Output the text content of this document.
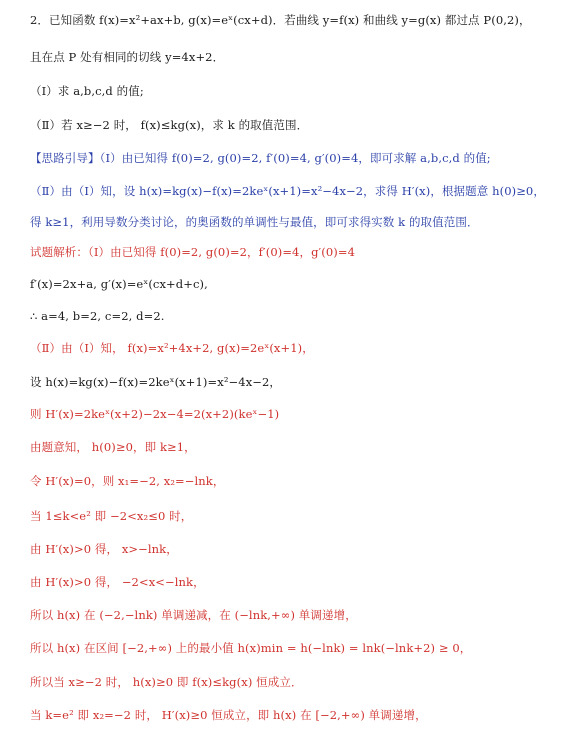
2．已知函数 f(x)=x²+ax+b, g(x)=eˣ(cx+d)．若曲线 y=f(x) 和曲线 y=g(x) 都过点 P(0,2)，
且在点 P 处有相同的切线 y=4x+2．
（Ⅰ）求 a,b,c,d 的值;
（Ⅱ）若 x≥−2 时， f(x)≤kg(x)，求 k 的取值范围．
【思路引导】（Ⅰ）由已知得 f(0)=2, g(0)=2, f′(0)=4, g′(0)=4，即可求解 a,b,c,d 的值;
（Ⅱ）由（Ⅰ）知，设 h(x)=kg(x)−f(x)=2keˣ(x+1)=x²−4x−2，求得 H′(x)，根据题意 h(0)≥0，
得 k≥1，利用导数分类讨论，的奥函数的单调性与最值，即可求得实数 k 的取值范围．
试题解析：（Ⅰ）由已知得 f(0)=2, g(0)=2，f′(0)=4，g′(0)=4
f′(x)=2x+a, g′(x)=eˣ(cx+d+c),
∴ a=4, b=2, c=2, d=2.
（Ⅱ）由（Ⅰ）知， f(x)=x²+4x+2, g(x)=2eˣ(x+1)，
设 h(x)=kg(x)−f(x)=2keˣ(x+1)=x²−4x−2，
则 H′(x)=2keˣ(x+2)−2x−4=2(x+2)(keˣ−1)
由题意知， h(0)≥0，即 k≥1，
令 H′(x)=0，则 x₁=−2, x₂=−lnk，
当 1≤k<e² 即 −2<x₂≤0 时，
由 H′(x)>0 得， x>−lnk，
由 H′(x)>0 得， −2<x<−lnk，
所以 h(x) 在 (−2,−lnk) 单调递减，在 (−lnk,+∞) 单调递增，
所以 h(x) 在区间 [−2,+∞) 上的最小值 h(x)min = h(−lnk) = lnk(−lnk+2) ≥ 0，
所以当 x≥−2 时， h(x)≥0 即 f(x)≤kg(x) 恒成立．
当 k=e² 即 x₂=−2 时， H′(x)≥0 恒成立，即 h(x) 在 [−2,+∞) 单调递增，
